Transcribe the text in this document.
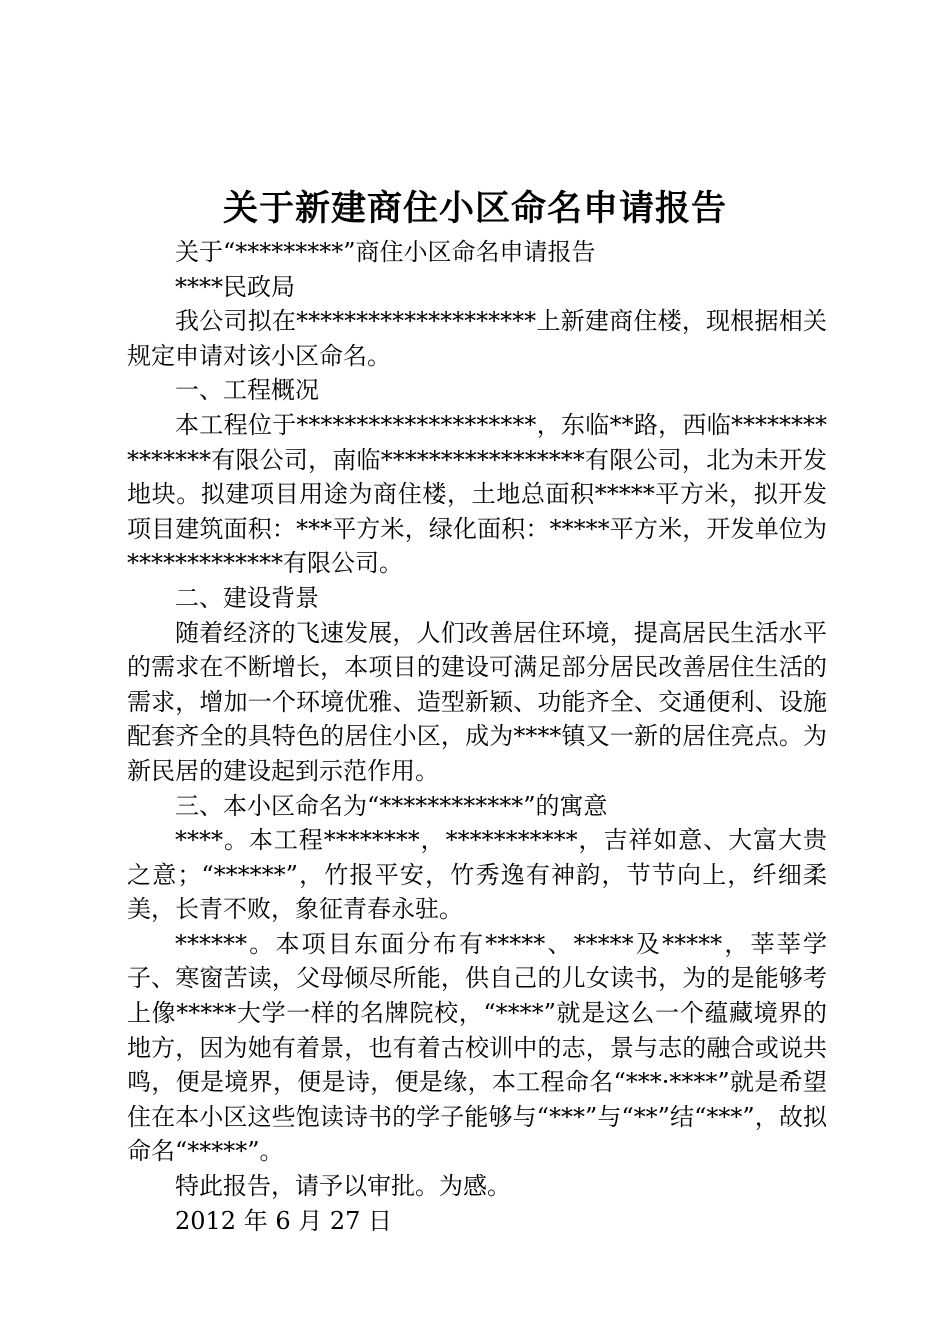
关于新建商住小区命名申请报告

关于“*********”商住小区命名申请报告

****民政局

我公司拟在********************上新建商住楼，现根据相关规定申请对该小区命名。

一、工程概况

本工程位于********************，东临**路，西临***************有限公司，南临*****************有限公司，北为未开发地块。拟建项目用途为商住楼，土地总面积*****平方米，拟开发项目建筑面积：***平方米，绿化面积：*****平方米，开发单位为*************有限公司。

二、建设背景

随着经济的飞速发展，人们改善居住环境，提高居民生活水平的需求在不断增长，本项目的建设可满足部分居民改善居住生活的需求，增加一个环境优雅、造型新颖、功能齐全、交通便利、设施配套齐全的具特色的居住小区，成为****镇又一新的居住亮点。为新民居的建设起到示范作用。

三、本小区命名为“************”的寓意

****。本工程********，***********，吉祥如意、大富大贵之意；“******”，竹报平安，竹秀逸有神韵，节节向上，纤细柔美，长青不败，象征青春永驻。

******。本项目东面分布有*****、*****及*****，莘莘学子、寒窗苦读，父母倾尽所能，供自己的儿女读书，为的是能够考上像*****大学一样的名牌院校，“****”就是这么一个蕴藏境界的地方，因为她有着景，也有着古校训中的志，景与志的融合或说共鸣，便是境界，便是诗，便是缘，本工程命名“***·****”就是希望住在本小区这些饱读诗书的学子能够与“***”与“**”结“***”，故拟命名“*****”。

特此报告，请予以审批。为感。

2012 年 6 月 27 日
